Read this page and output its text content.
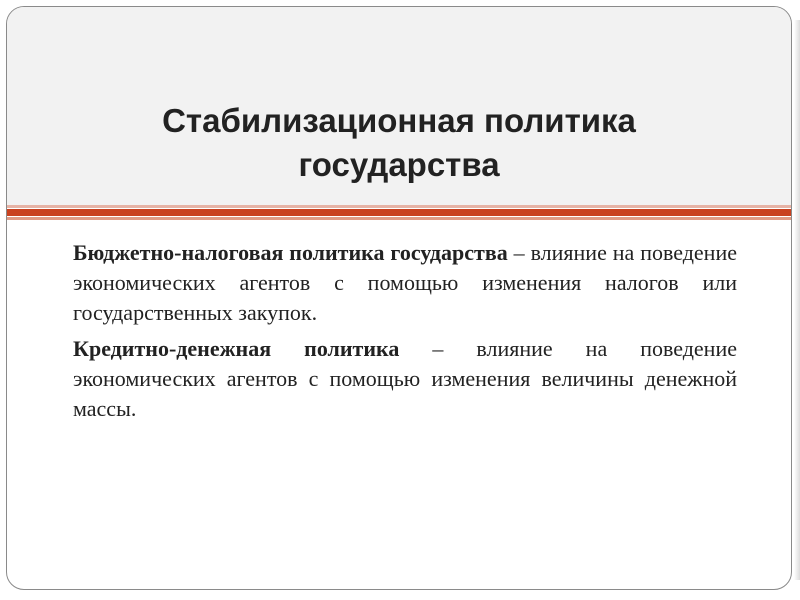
Стабилизационная политика
государства

Бюджетно-налоговая политика государства – влияние на поведение экономических агентов с помощью изменения налогов или государственных закупок.

Кредитно-денежная политика – влияние на поведение экономических агентов с помощью изменения величины денежной массы.
